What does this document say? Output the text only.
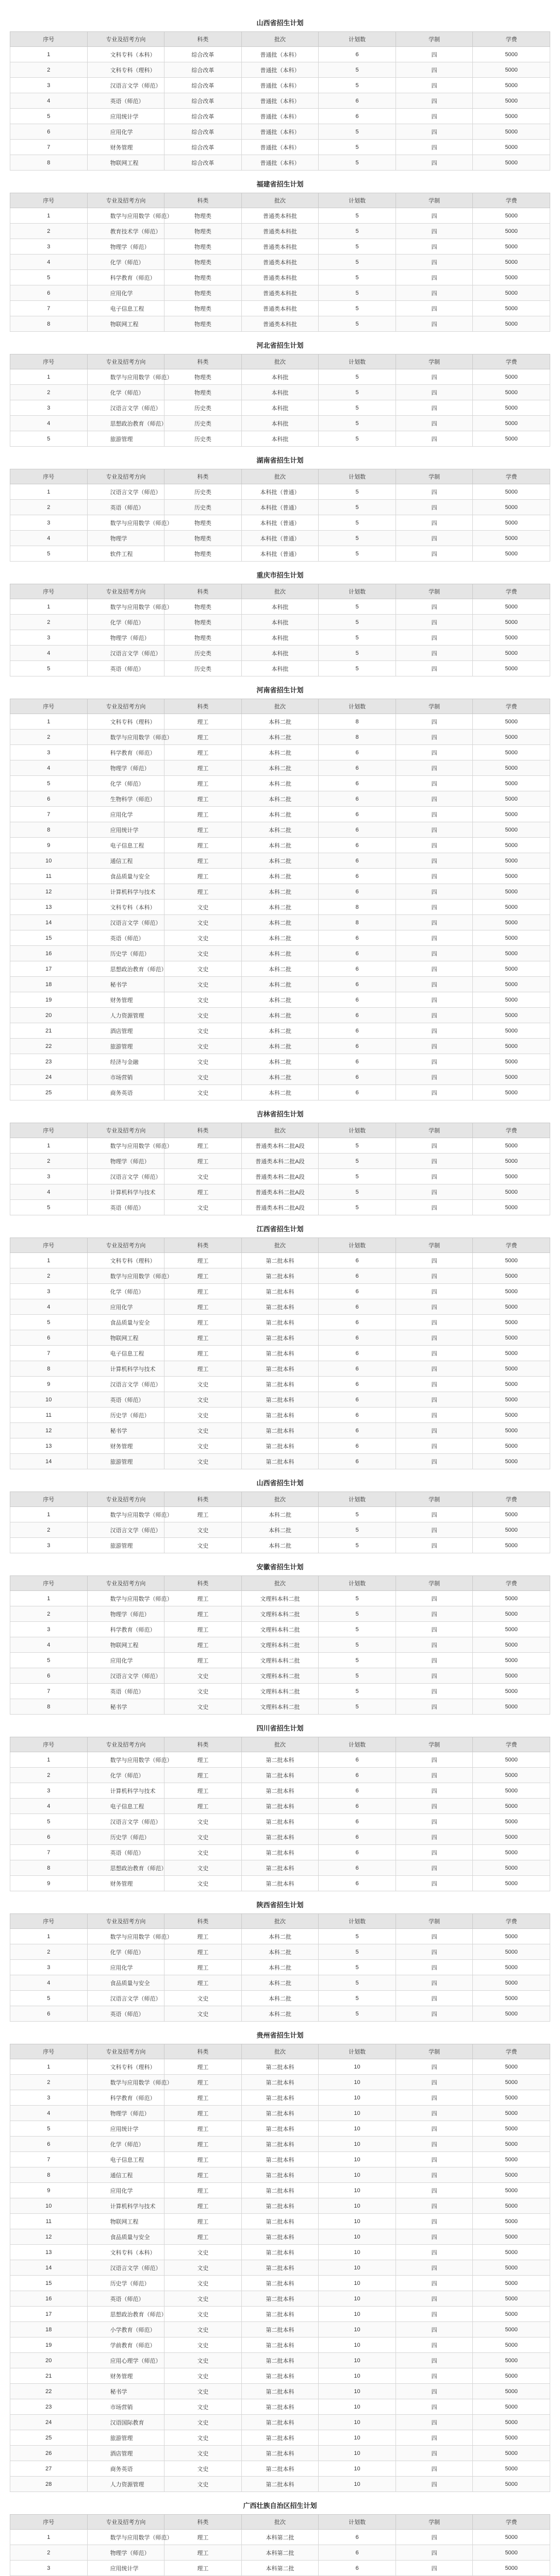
山西省招生计划
序号	专业及招考方向	科类	批次	计划数	学制	学费
1	文科专科（本科）	综合改革	普通批（本科）	6	四	5000
2	文科专科（理科）	综合改革	普通批（本科）	5	四	5000
3	汉语言文学（师范）	综合改革	普通批（本科）	5	四	5000
4	英语（师范）	综合改革	普通批（本科）	6	四	5000
5	应用统计学	综合改革	普通批（本科）	6	四	5000
6	应用化学	综合改革	普通批（本科）	5	四	5000
7	财务管理	综合改革	普通批（本科）	5	四	5000
8	物联网工程	综合改革	普通批（本科）	5	四	5000
福建省招生计划
序号	专业及招考方向	科类	批次	计划数	学制	学费
1	数学与应用数学（师范）	物理类	普通类本科批	5	四	5000
2	教育技术学（师范）	物理类	普通类本科批	5	四	5000
3	物理学（师范）	物理类	普通类本科批	5	四	5000
4	化学（师范）	物理类	普通类本科批	5	四	5000
5	科学教育（师范）	物理类	普通类本科批	5	四	5000
6	应用化学	物理类	普通类本科批	5	四	5000
7	电子信息工程	物理类	普通类本科批	5	四	5000
8	物联网工程	物理类	普通类本科批	5	四	5000
河北省招生计划
序号	专业及招考方向	科类	批次	计划数	学制	学费
1	数学与应用数学（师范）	物理类	本科批	5	四	5000
2	化学（师范）	物理类	本科批	5	四	5000
3	汉语言文学（师范）	历史类	本科批	5	四	5000
4	思想政治教育（师范）	历史类	本科批	5	四	5000
5	旅游管理	历史类	本科批	5	四	5000
湖南省招生计划
序号	专业及招考方向	科类	批次	计划数	学制	学费
1	汉语言文学（师范）	历史类	本科批（普通）	5	四	5000
2	英语（师范）	历史类	本科批（普通）	5	四	5000
3	数学与应用数学（师范）	物理类	本科批（普通）	5	四	5000
4	物理学	物理类	本科批（普通）	5	四	5000
5	软件工程	物理类	本科批（普通）	5	四	5000
重庆市招生计划
序号	专业及招考方向	科类	批次	计划数	学制	学费
1	数学与应用数学（师范）	物理类	本科批	5	四	5000
2	化学（师范）	物理类	本科批	5	四	5000
3	物理学（师范）	物理类	本科批	5	四	5000
4	汉语言文学（师范）	历史类	本科批	5	四	5000
5	英语（师范）	历史类	本科批	5	四	5000
河南省招生计划
序号	专业及招考方向	科类	批次	计划数	学制	学费
1	文科专科（理科）	理工	本科二批	8	四	5000
2	数学与应用数学（师范）	理工	本科二批	8	四	5000
3	科学教育（师范）	理工	本科二批	6	四	5000
4	物理学（师范）	理工	本科二批	6	四	5000
5	化学（师范）	理工	本科二批	6	四	5000
6	生物科学（师范）	理工	本科二批	6	四	5000
7	应用化学	理工	本科二批	6	四	5000
8	应用统计学	理工	本科二批	6	四	5000
9	电子信息工程	理工	本科二批	6	四	5000
10	通信工程	理工	本科二批	6	四	5000
11	食品质量与安全	理工	本科二批	6	四	5000
12	计算机科学与技术	理工	本科二批	6	四	5000
13	文科专科（本科）	文史	本科二批	8	四	5000
14	汉语言文学（师范）	文史	本科二批	8	四	5000
15	英语（师范）	文史	本科二批	6	四	5000
16	历史学（师范）	文史	本科二批	6	四	5000
17	思想政治教育（师范）	文史	本科二批	6	四	5000
18	秘书学	文史	本科二批	6	四	5000
19	财务管理	文史	本科二批	6	四	5000
20	人力资源管理	文史	本科二批	6	四	5000
21	酒店管理	文史	本科二批	6	四	5000
22	旅游管理	文史	本科二批	6	四	5000
23	经济与金融	文史	本科二批	6	四	5000
24	市场营销	文史	本科二批	6	四	5000
25	商务英语	文史	本科二批	6	四	5000
吉林省招生计划
序号	专业及招考方向	科类	批次	计划数	学制	学费
1	数学与应用数学（师范）	理工	普通类本科二批A段	5	四	5000
2	物理学（师范）	理工	普通类本科二批A段	5	四	5000
3	汉语言文学（师范）	文史	普通类本科二批A段	5	四	5000
4	计算机科学与技术	理工	普通类本科二批A段	5	四	5000
5	英语（师范）	文史	普通类本科二批A段	5	四	5000
江西省招生计划
序号	专业及招考方向	科类	批次	计划数	学制	学费
1	文科专科（理科）	理工	第二批本科	6	四	5000
2	数学与应用数学（师范）	理工	第二批本科	6	四	5000
3	化学（师范）	理工	第二批本科	6	四	5000
4	应用化学	理工	第二批本科	6	四	5000
5	食品质量与安全	理工	第二批本科	6	四	5000
6	物联网工程	理工	第二批本科	6	四	5000
7	电子信息工程	理工	第二批本科	6	四	5000
8	计算机科学与技术	理工	第二批本科	6	四	5000
9	汉语言文学（师范）	文史	第二批本科	6	四	5000
10	英语（师范）	文史	第二批本科	6	四	5000
11	历史学（师范）	文史	第二批本科	6	四	5000
12	秘书学	文史	第二批本科	6	四	5000
13	财务管理	文史	第二批本科	6	四	5000
14	旅游管理	文史	第二批本科	6	四	5000
山西省招生计划
序号	专业及招考方向	科类	批次	计划数	学制	学费
1	数学与应用数学（师范）	理工	本科二批	5	四	5000
2	汉语言文学（师范）	文史	本科二批	5	四	5000
3	旅游管理	文史	本科二批	5	四	5000
安徽省招生计划
序号	专业及招考方向	科类	批次	计划数	学制	学费
1	数学与应用数学（师范）	理工	文理科本科二批	5	四	5000
2	物理学（师范）	理工	文理科本科二批	5	四	5000
3	科学教育（师范）	理工	文理科本科二批	5	四	5000
4	物联网工程	理工	文理科本科二批	5	四	5000
5	应用化学	理工	文理科本科二批	5	四	5000
6	汉语言文学（师范）	文史	文理科本科二批	5	四	5000
7	英语（师范）	文史	文理科本科二批	5	四	5000
8	秘书学	文史	文理科本科二批	5	四	5000
四川省招生计划
序号	专业及招考方向	科类	批次	计划数	学制	学费
1	数学与应用数学（师范）	理工	第二批本科	6	四	5000
2	化学（师范）	理工	第二批本科	6	四	5000
3	计算机科学与技术	理工	第二批本科	6	四	5000
4	电子信息工程	理工	第二批本科	6	四	5000
5	汉语言文学（师范）	文史	第二批本科	6	四	5000
6	历史学（师范）	文史	第二批本科	6	四	5000
7	英语（师范）	文史	第二批本科	6	四	5000
8	思想政治教育（师范）	文史	第二批本科	6	四	5000
9	财务管理	文史	第二批本科	6	四	5000
陕西省招生计划
序号	专业及招考方向	科类	批次	计划数	学制	学费
1	数学与应用数学（师范）	理工	本科二批	5	四	5000
2	化学（师范）	理工	本科二批	5	四	5000
3	应用化学	理工	本科二批	5	四	5000
4	食品质量与安全	理工	本科二批	5	四	5000
5	汉语言文学（师范）	文史	本科二批	5	四	5000
6	英语（师范）	文史	本科二批	5	四	5000
贵州省招生计划
序号	专业及招考方向	科类	批次	计划数	学制	学费
1	文科专科（理科）	理工	第二批本科	10	四	5000
2	数学与应用数学（师范）	理工	第二批本科	10	四	5000
3	科学教育（师范）	理工	第二批本科	10	四	5000
4	物理学（师范）	理工	第二批本科	10	四	5000
5	应用统计学	理工	第二批本科	10	四	5000
6	化学（师范）	理工	第二批本科	10	四	5000
7	电子信息工程	理工	第二批本科	10	四	5000
8	通信工程	理工	第二批本科	10	四	5000
9	应用化学	理工	第二批本科	10	四	5000
10	计算机科学与技术	理工	第二批本科	10	四	5000
11	物联网工程	理工	第二批本科	10	四	5000
12	食品质量与安全	理工	第二批本科	10	四	5000
13	文科专科（本科）	文史	第二批本科	10	四	5000
14	汉语言文学（师范）	文史	第二批本科	10	四	5000
15	历史学（师范）	文史	第二批本科	10	四	5000
16	英语（师范）	文史	第二批本科	10	四	5000
17	思想政治教育（师范）	文史	第二批本科	10	四	5000
18	小学教育（师范）	文史	第二批本科	10	四	5000
19	学前教育（师范）	文史	第二批本科	10	四	5000
20	应用心理学（师范）	文史	第二批本科	10	四	5000
21	财务管理	文史	第二批本科	10	四	5000
22	秘书学	文史	第二批本科	10	四	5000
23	市场营销	文史	第二批本科	10	四	5000
24	汉语国际教育	文史	第二批本科	10	四	5000
25	旅游管理	文史	第二批本科	10	四	5000
26	酒店管理	文史	第二批本科	10	四	5000
27	商务英语	文史	第二批本科	10	四	5000
28	人力资源管理	文史	第二批本科	10	四	5000
广西壮族自治区招生计划
序号	专业及招考方向	科类	批次	计划数	学制	学费
1	数学与应用数学（师范）	理工	本科第二批	6	四	5000
2	物理学（师范）	理工	本科第二批	6	四	5000
3	应用统计学	理工	本科第二批	6	四	5000
